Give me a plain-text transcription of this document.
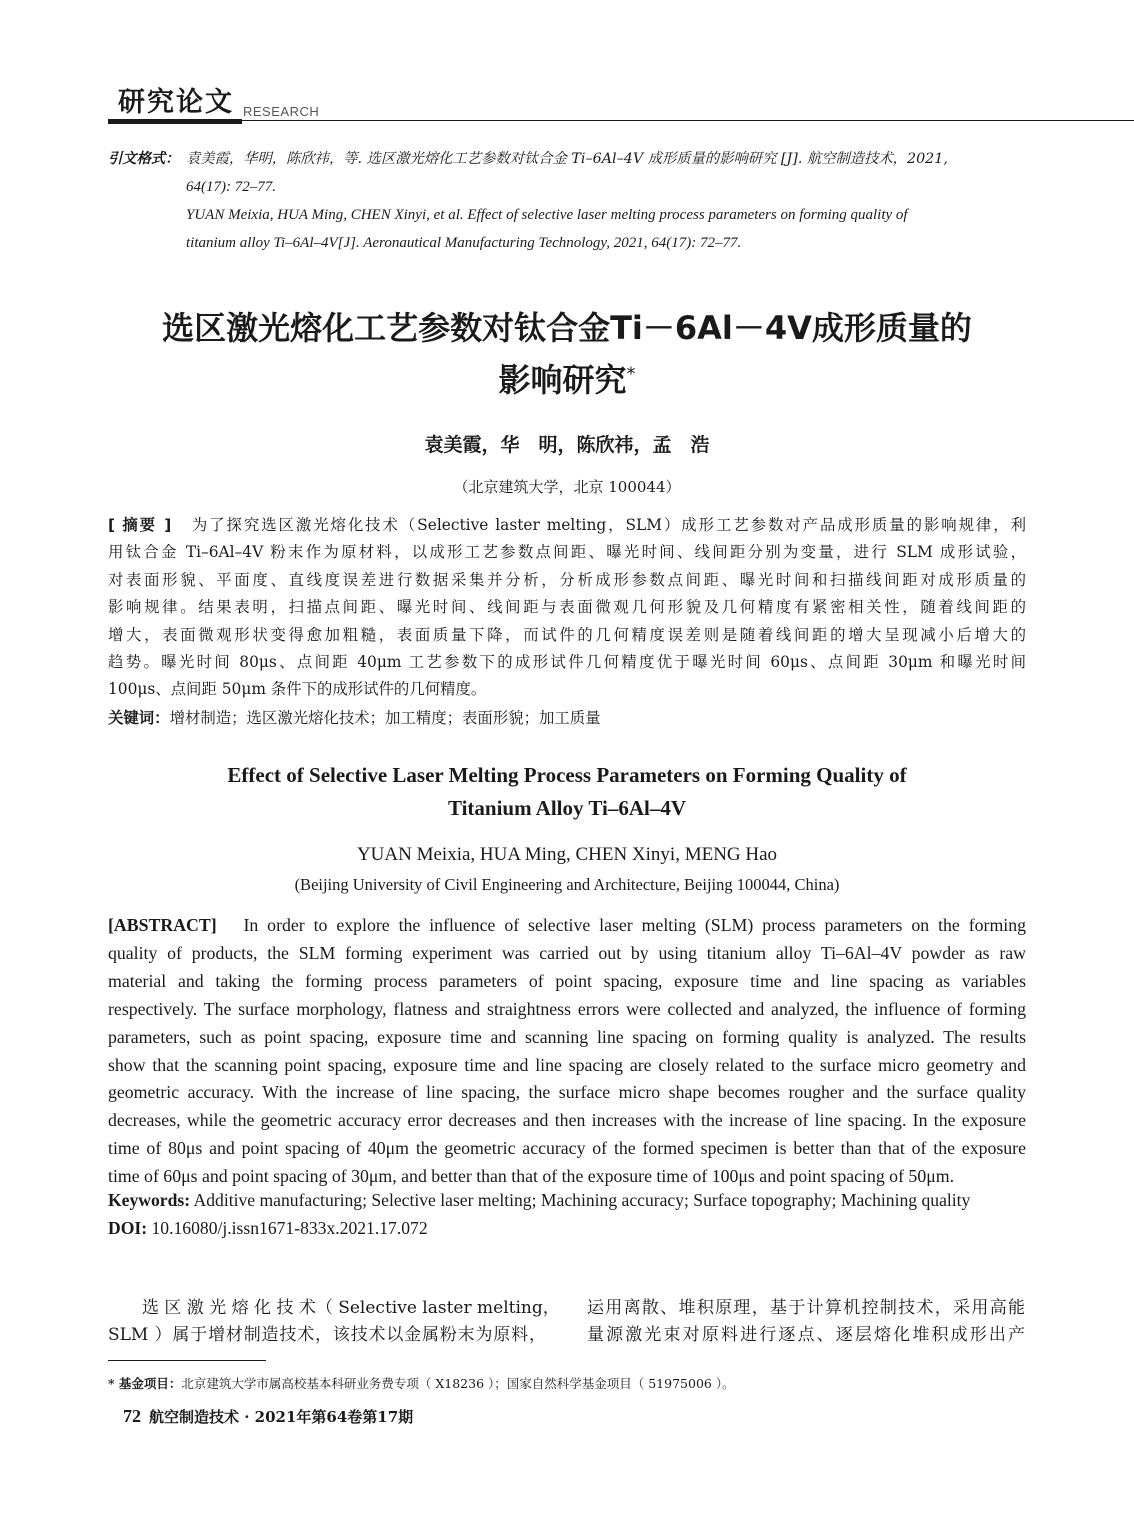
研究论文 RESEARCH
引文格式： 袁美霞，华明，陈欣祎，等. 选区激光熔化工艺参数对钛合金 Ti–6Al–4V 成形质量的影响研究 [J]. 航空制造技术，2021,
64(17): 72–77.
YUAN Meixia, HUA Ming, CHEN Xinyi, et al. Effect of selective laser melting process parameters on forming quality of
titanium alloy Ti–6Al–4V[J]. Aeronautical Manufacturing Technology, 2021, 64(17): 72–77.
选区激光熔化工艺参数对钛合金Ti－6Al－4V成形质量的
影响研究*
袁美霞，华　明，陈欣祎，孟　浩
（北京建筑大学，北京 100044）
[ 摘要 ] 为了探究选区激光熔化技术（Selective laster melting，SLM）成形工艺参数对产品成形质量的影响规律，利
用钛合金 Ti–6Al–4V 粉末作为原材料，以成形工艺参数点间距、曝光时间、线间距分别为变量，进行 SLM 成形试验，
对表面形貌、平面度、直线度误差进行数据采集并分析，分析成形参数点间距、曝光时间和扫描线间距对成形质量的
影响规律。结果表明，扫描点间距、曝光时间、线间距与表面微观几何形貌及几何精度有紧密相关性，随着线间距的
增大，表面微观形状变得愈加粗糙，表面质量下降，而试件的几何精度误差则是随着线间距的增大呈现减小后增大的
趋势。曝光时间 80μs、点间距 40μm 工艺参数下的成形试件几何精度优于曝光时间 60μs、点间距 30μm 和曝光时间
100μs、点间距 50μm 条件下的成形试件的几何精度。
关键词：增材制造；选区激光熔化技术；加工精度；表面形貌；加工质量
Effect of Selective Laser Melting Process Parameters on Forming Quality of
Titanium Alloy Ti–6Al–4V
YUAN Meixia, HUA Ming, CHEN Xinyi, MENG Hao
(Beijing University of Civil Engineering and Architecture, Beijing 100044, China)
[ABSTRACT] In order to explore the influence of selective laser melting (SLM) process parameters on the forming
quality of products, the SLM forming experiment was carried out by using titanium alloy Ti–6Al–4V powder as raw
material and taking the forming process parameters of point spacing, exposure time and line spacing as variables
respectively. The surface morphology, flatness and straightness errors were collected and analyzed, the influence of forming
parameters, such as point spacing, exposure time and scanning line spacing on forming quality is analyzed. The results
show that the scanning point spacing, exposure time and line spacing are closely related to the surface micro geometry and
geometric accuracy. With the increase of line spacing, the surface micro shape becomes rougher and the surface quality
decreases, while the geometric accuracy error decreases and then increases with the increase of line spacing. In the exposure
time of 80μs and point spacing of 40μm the geometric accuracy of the formed specimen is better than that of the exposure
time of 60μs and point spacing of 30μm, and better than that of the exposure time of 100μs and point spacing of 50μm.
Keywords: Additive manufacturing; Selective laser melting; Machining accuracy; Surface topography; Machining quality
DOI: 10.16080/j.issn1671-833x.2021.17.072
选 区 激 光 熔 化 技 术（ Selective laster melting，
SLM ）属于增材制造技术，该技术以金属粉末为原料，
运用离散、堆积原理，基于计算机控制技术，采用高能
量源激光束对原料进行逐点、逐层熔化堆积成形出产
* 基金项目：北京建筑大学市属高校基本科研业务费专项（ X18236 ）；国家自然科学基金项目（ 51975006 ）。
72 航空制造技术 · 2021年第64卷第17期
